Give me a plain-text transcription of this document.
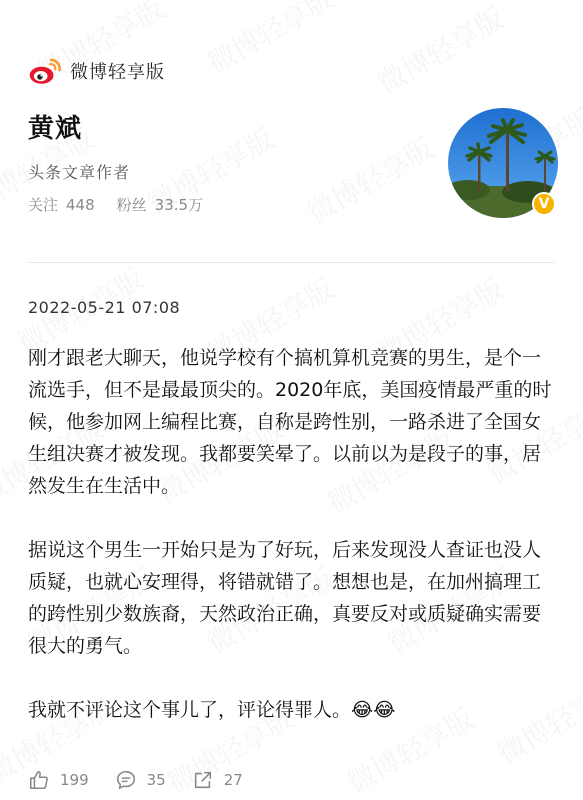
微博轻享版
黄斌
头条文章作者
关注 448 粉丝 33.5万	V
2022-05-21 07:08

刚才跟老大聊天，他说学校有个搞机算机竞赛的男生，是个一流选手，但不是最最顶尖的。2020年底，美国疫情最严重的时候，他参加网上编程比赛，自称是跨性别，一路杀进了全国女生组决赛才被发现。我都要笑晕了。以前以为是段子的事，居然发生在生活中。

据说这个男生一开始只是为了好玩，后来发现没人查证也没人质疑，也就心安理得，将错就错了。想想也是，在加州搞理工的跨性别少数族裔，天然政治正确，真要反对或质疑确实需要很大的勇气。

我就不评论这个事儿了，评论得罪人。😂😂

199	35	27
